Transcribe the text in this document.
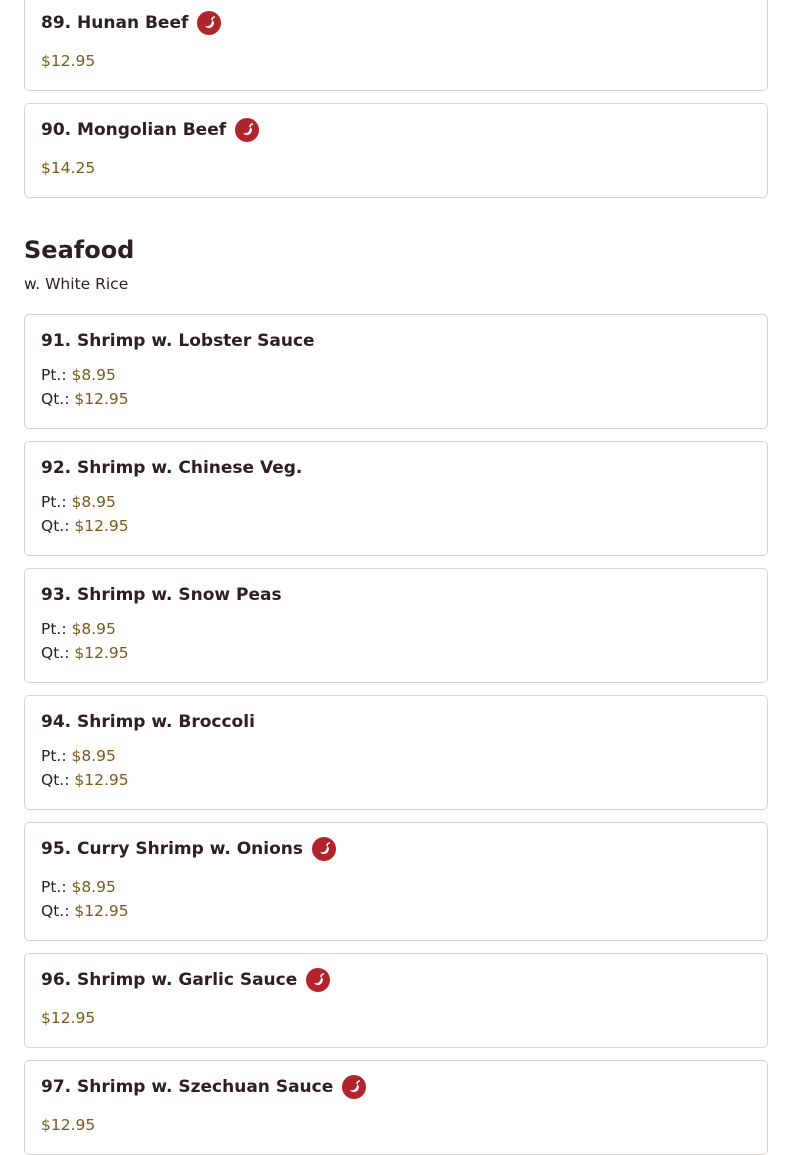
89. Hunan Beef
$12.95
90. Mongolian Beef
$14.25
Seafood
w. White Rice
91. Shrimp w. Lobster Sauce
Pt.: $8.95
Qt.: $12.95
92. Shrimp w. Chinese Veg.
Pt.: $8.95
Qt.: $12.95
93. Shrimp w. Snow Peas
Pt.: $8.95
Qt.: $12.95
94. Shrimp w. Broccoli
Pt.: $8.95
Qt.: $12.95
95. Curry Shrimp w. Onions
Pt.: $8.95
Qt.: $12.95
96. Shrimp w. Garlic Sauce
$12.95
97. Shrimp w. Szechuan Sauce
$12.95
